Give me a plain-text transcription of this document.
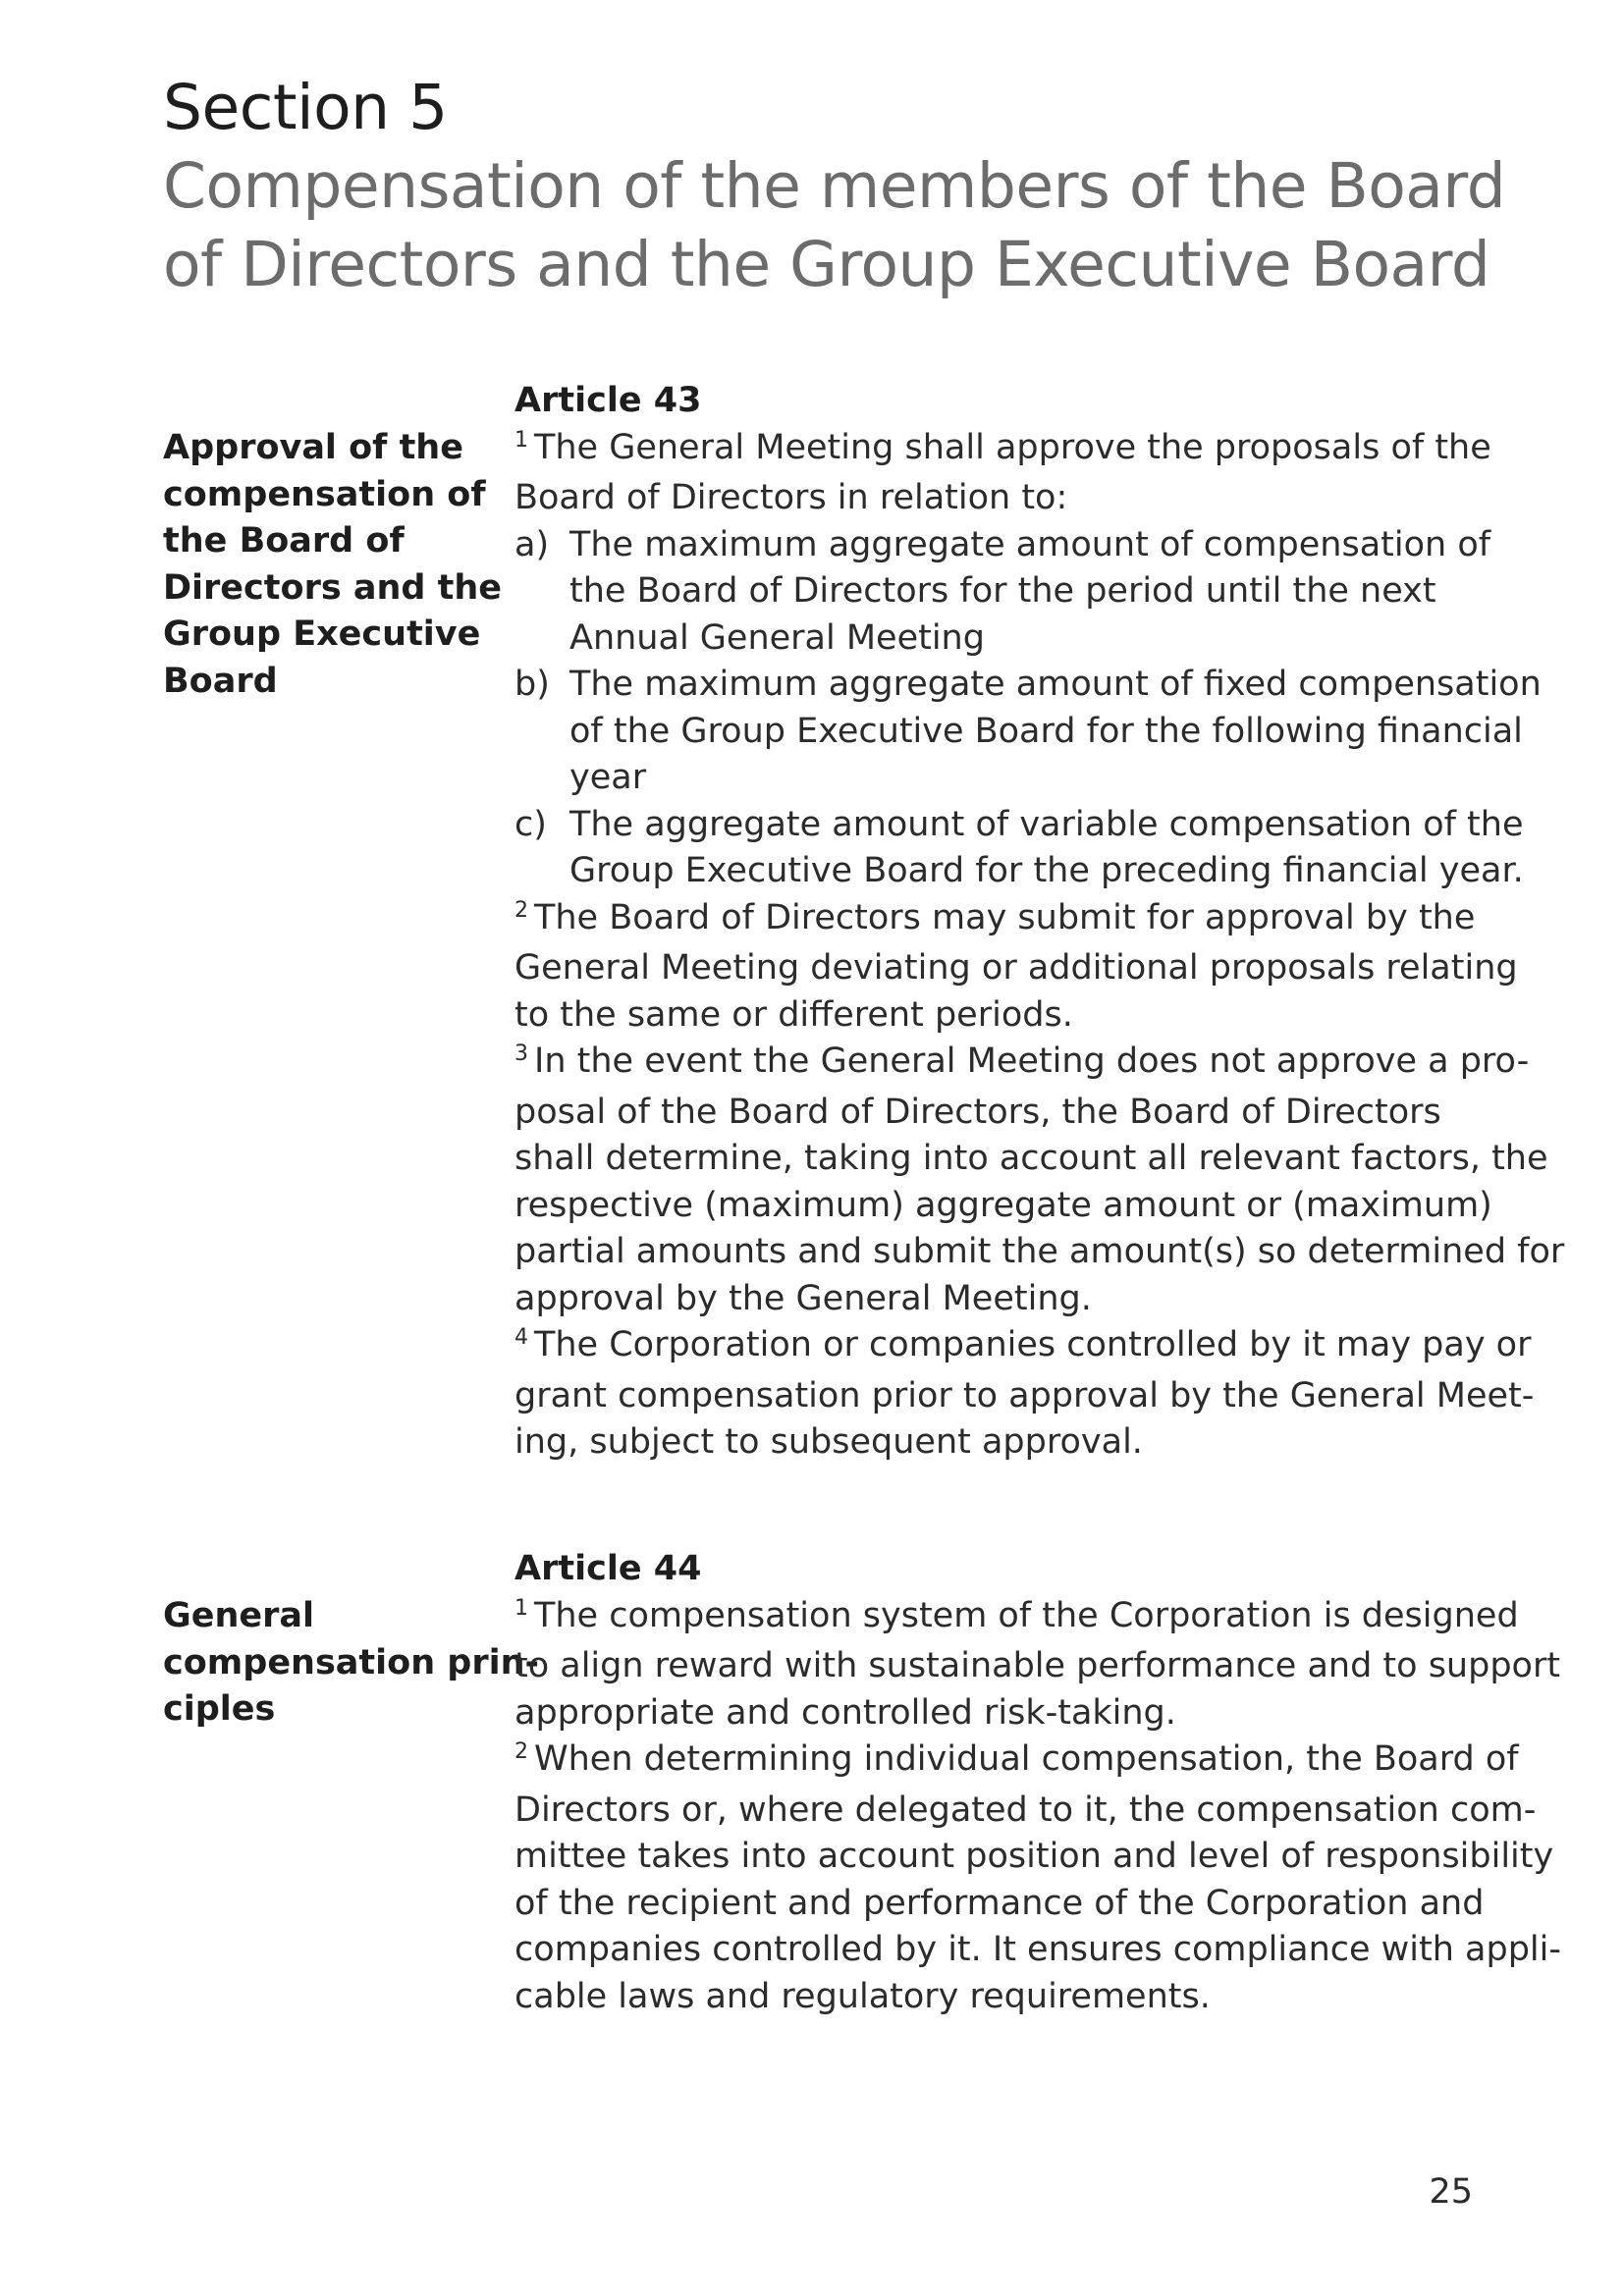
Section 5
Compensation of the members of the Board
of Directors and the Group Executive Board
Approval of the
compensation of
the Board of
Directors and the
Group Executive
Board
Article 43
$^1$ The General Meeting shall approve the proposals of the
Board of Directors in relation to:
a) The maximum aggregate amount of compensation of
the Board of Directors for the period until the next
Annual General Meeting
b) The maximum aggregate amount of fixed compensation
of the Group Executive Board for the following financial
year
c) The aggregate amount of variable compensation of the
Group Executive Board for the preceding financial year.
$^2$ The Board of Directors may submit for approval by the
General Meeting deviating or additional proposals relating
to the same or different periods.
$^3$ In the event the General Meeting does not approve a pro-
posal of the Board of Directors, the Board of Directors
shall determine, taking into account all relevant factors, the
respective (maximum) aggregate amount or (maximum)
partial amounts and submit the amount(s) so determined for
approval by the General Meeting.
$^4$ The Corporation or companies controlled by it may pay or
grant compensation prior to approval by the General Meet-
ing, subject to subsequent approval.
General
compensation prin-
ciples
Article 44
$^1$ The compensation system of the Corporation is designed
to align reward with sustainable performance and to support
appropriate and controlled risk-taking.
$^2$ When determining individual compensation, the Board of
Directors or, where delegated to it, the compensation com-
mittee takes into account position and level of responsibility
of the recipient and performance of the Corporation and
companies controlled by it. It ensures compliance with appli-
cable laws and regulatory requirements.
25
